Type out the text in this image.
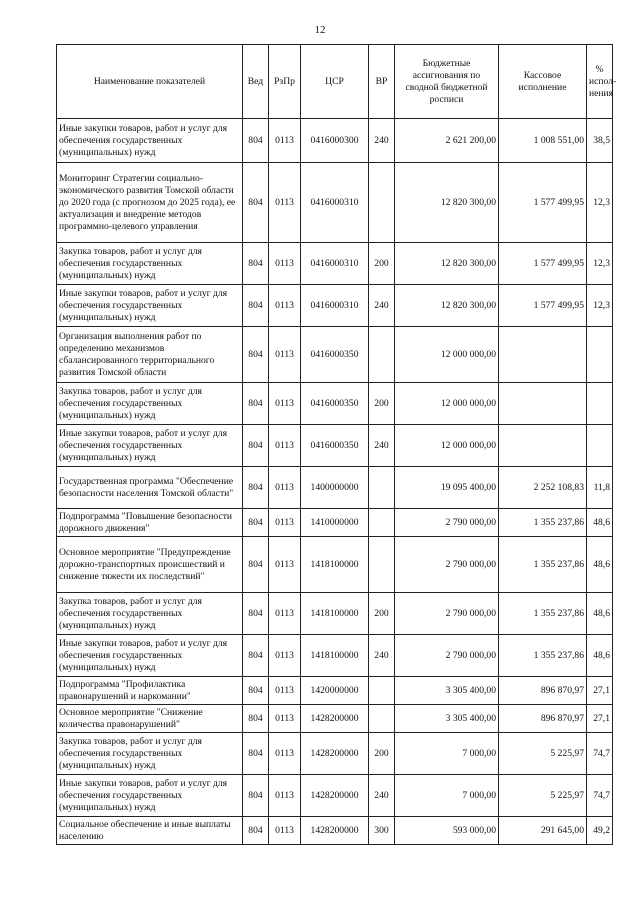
12
Наименование показателей	Вед	РзПр	ЦСР	ВР	Бюджетные ассигнования по сводной бюджетной росписи	Кассовое исполнение	% испол-нения
Иные закупки товаров, работ и услуг для обеспечения государственных (муниципальных) нужд	804	0113	0416000300	240	2 621 200,00	1 008 551,00	38,5
Мониторинг Стратегии социально-экономического развития Томской области до 2020 года (с прогнозом до 2025 года), ее актуализация и внедрение методов программно-целевого управления	804	0113	0416000310		12 820 300,00	1 577 499,95	12,3
Закупка товаров, работ и услуг для обеспечения государственных (муниципальных) нужд	804	0113	0416000310	200	12 820 300,00	1 577 499,95	12,3
Иные закупки товаров, работ и услуг для обеспечения государственных (муниципальных) нужд	804	0113	0416000310	240	12 820 300,00	1 577 499,95	12,3
Организация выполнения работ по определению механизмов сбалансированного территориального развития Томской области	804	0113	0416000350		12 000 000,00		
Закупка товаров, работ и услуг для обеспечения государственных (муниципальных) нужд	804	0113	0416000350	200	12 000 000,00		
Иные закупки товаров, работ и услуг для обеспечения государственных (муниципальных) нужд	804	0113	0416000350	240	12 000 000,00		
Государственная программа "Обеспечение безопасности населения Томской области"	804	0113	1400000000		19 095 400,00	2 252 108,83	11,8
Подпрограмма "Повышение безопасности дорожного движения"	804	0113	1410000000		2 790 000,00	1 355 237,86	48,6
Основное мероприятие "Предупреждение дорожно-транспортных происшествий и снижение тяжести их последствий"	804	0113	1418100000		2 790 000,00	1 355 237,86	48,6
Закупка товаров, работ и услуг для обеспечения государственных (муниципальных) нужд	804	0113	1418100000	200	2 790 000,00	1 355 237,86	48,6
Иные закупки товаров, работ и услуг для обеспечения государственных (муниципальных) нужд	804	0113	1418100000	240	2 790 000,00	1 355 237,86	48,6
Подпрограмма "Профилактика правонарушений и наркомании"	804	0113	1420000000		3 305 400,00	896 870,97	27,1
Основное мероприятие "Снижение количества правонарушений"	804	0113	1428200000		3 305 400,00	896 870,97	27,1
Закупка товаров, работ и услуг для обеспечения государственных (муниципальных) нужд	804	0113	1428200000	200	7 000,00	5 225,97	74,7
Иные закупки товаров, работ и услуг для обеспечения государственных (муниципальных) нужд	804	0113	1428200000	240	7 000,00	5 225,97	74,7
Социальное обеспечение и иные выплаты населению	804	0113	1428200000	300	593 000,00	291 645,00	49,2
